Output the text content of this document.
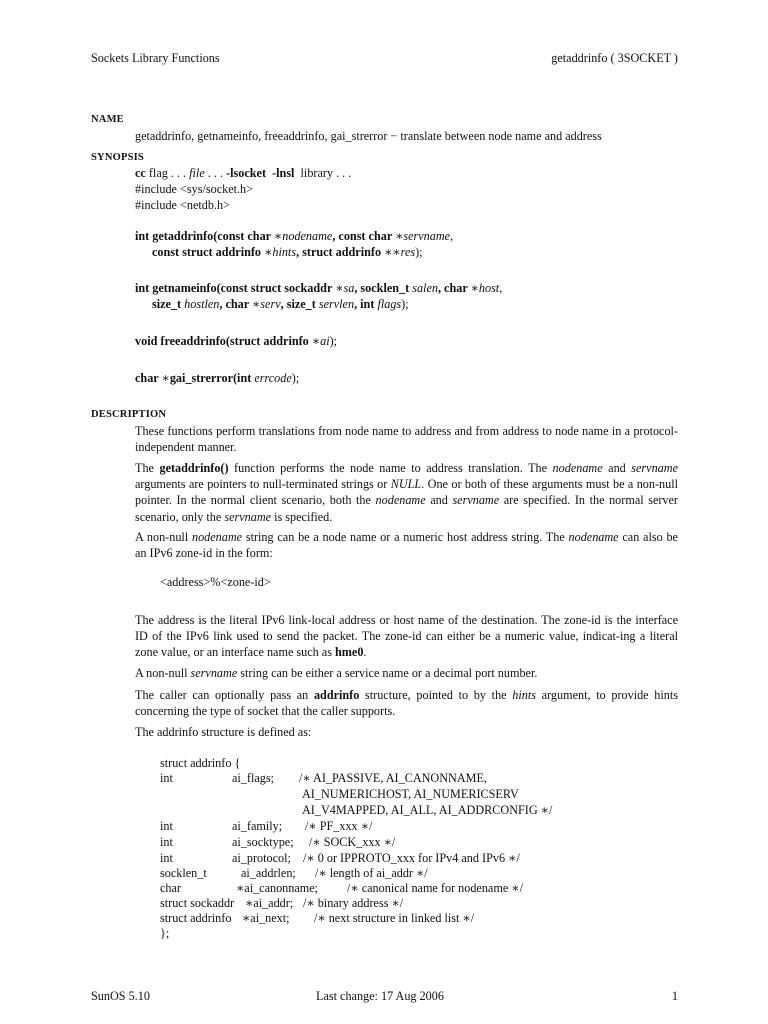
Sockets Library Functions	getaddrinfo ( 3SOCKET )
NAME
getaddrinfo, getnameinfo, freeaddrinfo, gai_strerror − translate between node name and address
SYNOPSIS
cc flag . . . file . . . -lsocket -lnsl library . . .
#include <sys/socket.h>
#include <netdb.h>
int getaddrinfo(const char ∗nodename, const char ∗servname,
const struct addrinfo ∗hints, struct addrinfo ∗∗res);
int getnameinfo(const struct sockaddr ∗sa, socklen_t salen, char ∗host,
size_t hostlen, char ∗serv, size_t servlen, int flags);
void freeaddrinfo(struct addrinfo ∗ai);
char ∗gai_strerror(int errcode);
DESCRIPTION
These functions perform translations from node name to address and from address to node name in a protocol-independent manner.
The getaddrinfo() function performs the node name to address translation. The nodename and servname arguments are pointers to null-terminated strings or NULL. One or both of these arguments must be a non-null pointer. In the normal client scenario, both the nodename and servname are specified. In the normal server scenario, only the servname is specified.
A non-null nodename string can be a node name or a numeric host address string. The nodename can also be an IPv6 zone-id in the form:
<address>%<zone-id>
The address is the literal IPv6 link-local address or host name of the destination. The zone-id is the interface ID of the IPv6 link used to send the packet. The zone-id can either be a numeric value, indicat-ing a literal zone value, or an interface name such as hme0.
A non-null servname string can be either a service name or a decimal port number.
The caller can optionally pass an addrinfo structure, pointed to by the hints argument, to provide hints concerning the type of socket that the caller supports.
The addrinfo structure is defined as:
struct addrinfo {
int	ai_flags; /∗ AI_PASSIVE, AI_CANONNAME,
AI_NUMERICHOST, AI_NUMERICSERV
AI_V4MAPPED, AI_ALL, AI_ADDRCONFIG ∗/
int	ai_family; /∗ PF_xxx ∗/
int	ai_socktype; /∗ SOCK_xxx ∗/
int	ai_protocol; /∗ 0 or IPPROTO_xxx for IPv4 and IPv6 ∗/
socklen_t	ai_addrlen; /∗ length of ai_addr ∗/
char	∗ai_canonname; /∗ canonical name for nodename ∗/
struct sockaddr ∗ai_addr; /∗ binary address ∗/
struct addrinfo ∗ai_next; /∗ next structure in linked list ∗/
};
SunOS 5.10	Last change: 17 Aug 2006	1
